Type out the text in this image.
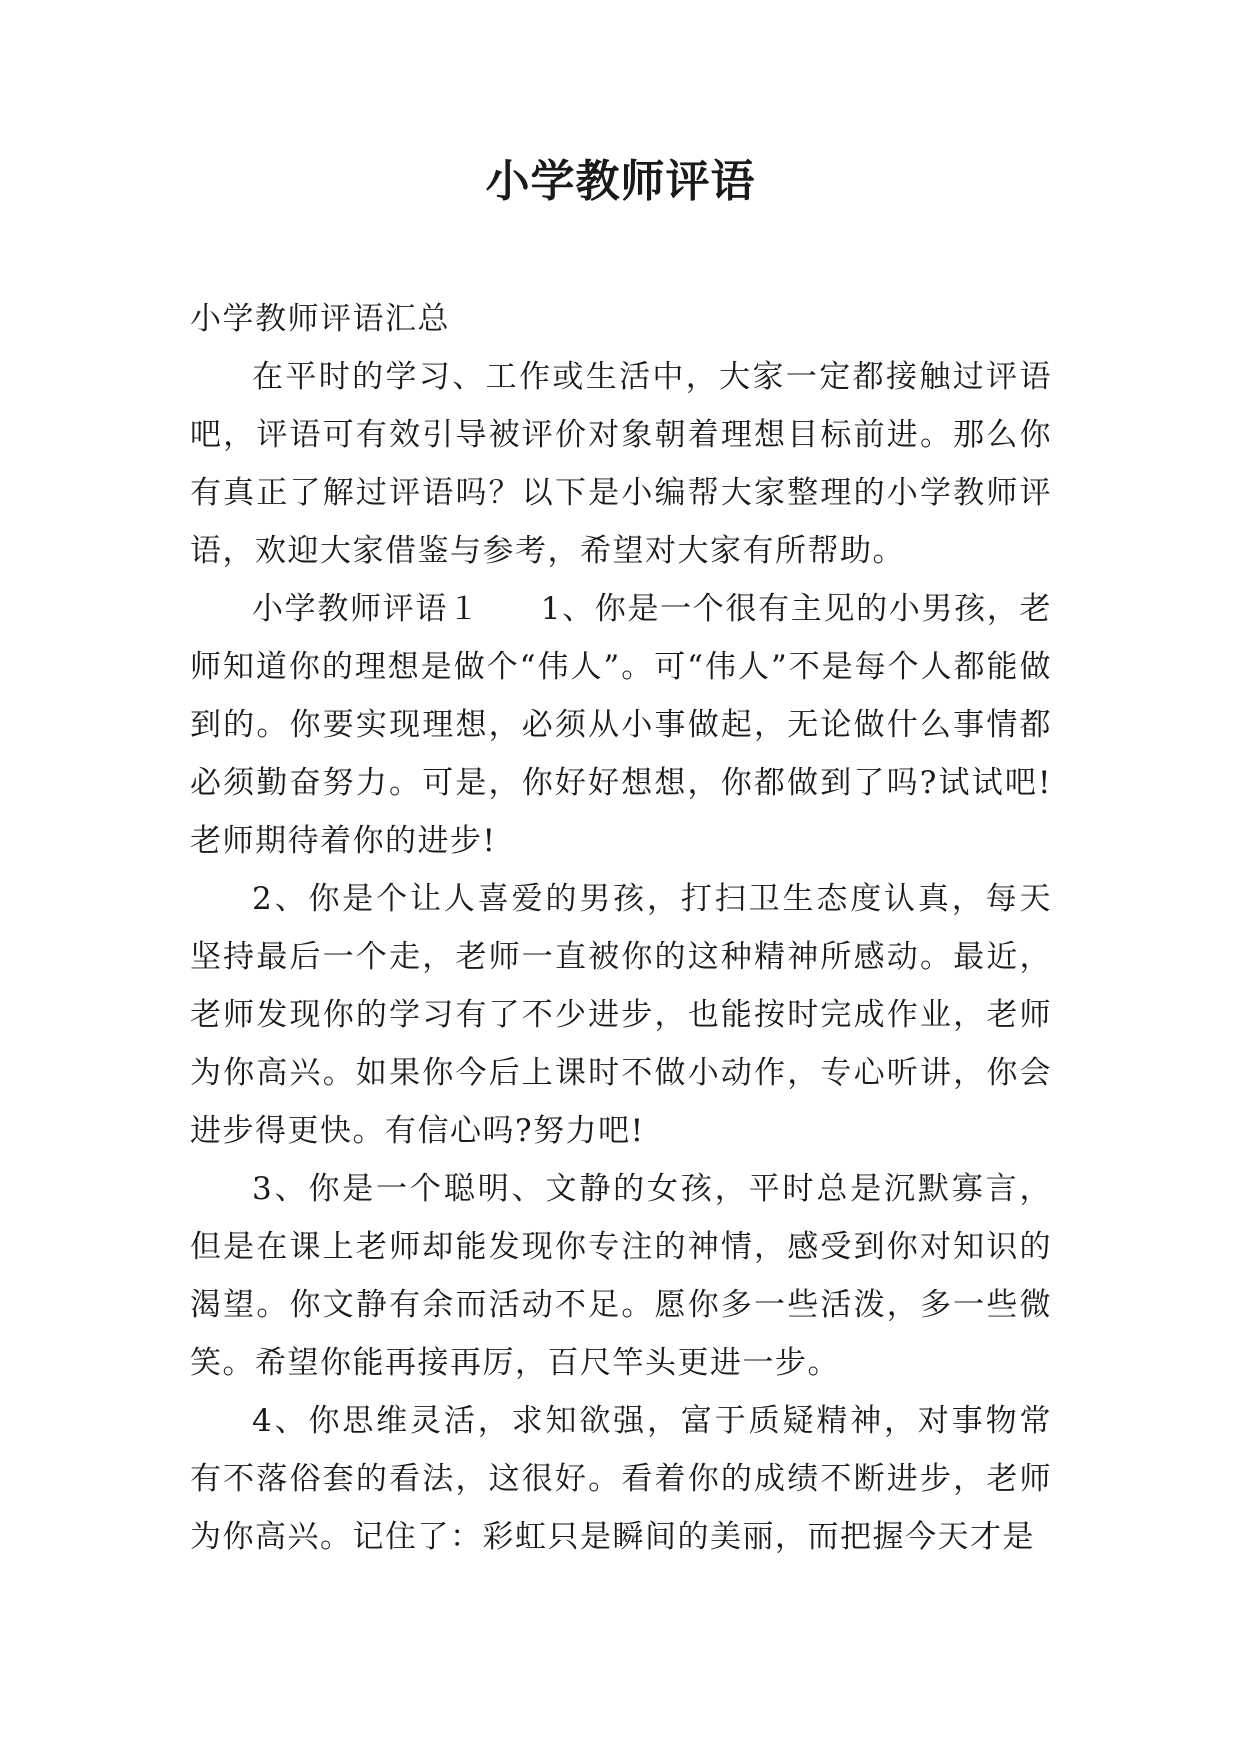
小学教师评语

小学教师评语汇总

在平时的学习、工作或生活中，大家一定都接触过评语吧，评语可有效引导被评价对象朝着理想目标前进。那么你有真正了解过评语吗？以下是小编帮大家整理的小学教师评语，欢迎大家借鉴与参考，希望对大家有所帮助。

小学教师评语１ 1、你是一个很有主见的小男孩，老师知道你的理想是做个“伟人”。可“伟人”不是每个人都能做到的。你要实现理想，必须从小事做起，无论做什么事情都必须勤奋努力。可是，你好好想想，你都做到了吗?试试吧!老师期待着你的进步!

2、你是个让人喜爱的男孩，打扫卫生态度认真，每天坚持最后一个走，老师一直被你的这种精神所感动。最近，老师发现你的学习有了不少进步，也能按时完成作业，老师为你高兴。如果你今后上课时不做小动作，专心听讲，你会进步得更快。有信心吗?努力吧!

3、你是一个聪明、文静的女孩，平时总是沉默寡言，但是在课上老师却能发现你专注的神情，感受到你对知识的渴望。你文静有余而活动不足。愿你多一些活泼，多一些微笑。希望你能再接再厉，百尺竿头更进一步。

4、你思维灵活，求知欲强，富于质疑精神，对事物常有不落俗套的看法，这很好。看着你的成绩不断进步，老师为你高兴。记住了：彩虹只是瞬间的美丽，而把握今天才是
